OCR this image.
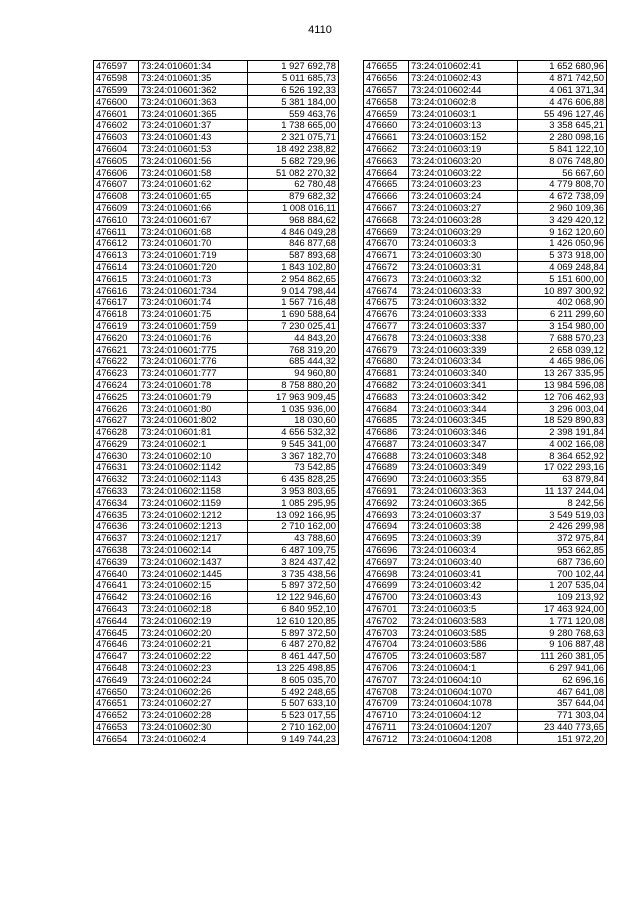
4110
476597	73:24:010601:34	1 927 692,78
476598	73:24:010601:35	5 011 685,73
476599	73:24:010601:362	6 526 192,33
476600	73:24:010601:363	5 381 184,00
476601	73:24:010601:365	559 463,76
476602	73:24:010601:37	1 738 665,00
476603	73:24:010601:43	2 321 075,71
476604	73:24:010601:53	18 492 238,82
476605	73:24:010601:56	5 682 729,96
476606	73:24:010601:58	51 082 270,32
476607	73:24:010601:62	62 780,48
476608	73:24:010601:65	879 682,32
476609	73:24:010601:66	1 008 016,11
476610	73:24:010601:67	968 884,62
476611	73:24:010601:68	4 846 049,28
476612	73:24:010601:70	846 877,68
476613	73:24:010601:719	587 893,68
476614	73:24:010601:720	1 843 102,80
476615	73:24:010601:73	2 954 862,65
476616	73:24:010601:734	9 014 798,44
476617	73:24:010601:74	1 567 716,48
476618	73:24:010601:75	1 690 588,64
476619	73:24:010601:759	7 230 025,41
476620	73:24:010601:76	44 843,20
476621	73:24:010601:775	768 319,20
476622	73:24:010601:776	685 444,32
476623	73:24:010601:777	94 960,80
476624	73:24:010601:78	8 758 880,20
476625	73:24:010601:79	17 963 909,45
476626	73:24:010601:80	1 035 936,00
476627	73:24:010601:802	18 030,60
476628	73:24:010601:81	4 656 532,32
476629	73:24:010602:1	9 545 341,00
476630	73:24:010602:10	3 367 182,70
476631	73:24:010602:1142	73 542,85
476632	73:24:010602:1143	6 435 828,25
476633	73:24:010602:1158	3 953 803,65
476634	73:24:010602:1159	1 085 295,95
476635	73:24:010602:1212	13 092 166,95
476636	73:24:010602:1213	2 710 162,00
476637	73:24:010602:1217	43 788,60
476638	73:24:010602:14	6 487 109,75
476639	73:24:010602:1437	3 824 437,42
476640	73:24:010602:1445	3 735 438,56
476641	73:24:010602:15	5 897 372,50
476642	73:24:010602:16	12 122 946,60
476643	73:24:010602:18	6 840 952,10
476644	73:24:010602:19	12 610 120,85
476645	73:24:010602:20	5 897 372,50
476646	73:24:010602:21	6 487 270,82
476647	73:24:010602:22	8 461 447,50
476648	73:24:010602:23	13 225 498,85
476649	73:24:010602:24	8 605 035,70
476650	73:24:010602:26	5 492 248,65
476651	73:24:010602:27	5 507 633,10
476652	73:24:010602:28	5 523 017,55
476653	73:24:010602:30	2 710 162,00
476654	73:24:010602:4	9 149 744,23
476655	73:24:010602:41	1 652 680,96
476656	73:24:010602:43	4 871 742,50
476657	73:24:010602:44	4 061 371,34
476658	73:24:010602:8	4 476 606,88
476659	73:24:010603:1	55 496 127,46
476660	73:24:010603:13	3 358 645,21
476661	73:24:010603:152	2 280 098,16
476662	73:24:010603:19	5 841 122,10
476663	73:24:010603:20	8 076 748,80
476664	73:24:010603:22	56 667,60
476665	73:24:010603:23	4 779 808,70
476666	73:24:010603:24	4 672 738,09
476667	73:24:010603:27	2 960 109,36
476668	73:24:010603:28	3 429 420,12
476669	73:24:010603:29	9 162 120,60
476670	73:24:010603:3	1 426 050,96
476671	73:24:010603:30	5 373 918,00
476672	73:24:010603:31	4 069 248,84
476673	73:24:010603:32	5 151 600,00
476674	73:24:010603:33	10 897 300,92
476675	73:24:010603:332	402 068,90
476676	73:24:010603:333	6 211 299,60
476677	73:24:010603:337	3 154 980,00
476678	73:24:010603:338	7 688 570,23
476679	73:24:010603:339	2 658 039,12
476680	73:24:010603:34	4 465 986,06
476681	73:24:010603:340	13 267 335,95
476682	73:24:010603:341	13 984 596,08
476683	73:24:010603:342	12 706 462,93
476684	73:24:010603:344	3 296 003,04
476685	73:24:010603:345	18 529 890,83
476686	73:24:010603:346	2 398 191,84
476687	73:24:010603:347	4 002 166,08
476688	73:24:010603:348	8 364 652,92
476689	73:24:010603:349	17 022 293,16
476690	73:24:010603:355	63 879,84
476691	73:24:010603:363	11 137 244,04
476692	73:24:010603:365	8 242,56
476693	73:24:010603:37	3 549 519,03
476694	73:24:010603:38	2 426 299,98
476695	73:24:010603:39	372 975,84
476696	73:24:010603:4	953 662,85
476697	73:24:010603:40	687 736,60
476698	73:24:010603:41	700 102,44
476699	73:24:010603:42	1 207 535,04
476700	73:24:010603:43	109 213,92
476701	73:24:010603:5	17 463 924,00
476702	73:24:010603:583	1 771 120,08
476703	73:24:010603:585	9 280 768,63
476704	73:24:010603:586	9 106 887,48
476705	73:24:010603:587	111 260 381,05
476706	73:24:010604:1	6 297 941,06
476707	73:24:010604:10	62 696,16
476708	73:24:010604:1070	467 641,08
476709	73:24:010604:1078	357 644,04
476710	73:24:010604:12	771 303,04
476711	73:24:010604:1207	23 440 773,65
476712	73:24:010604:1208	151 972,20
